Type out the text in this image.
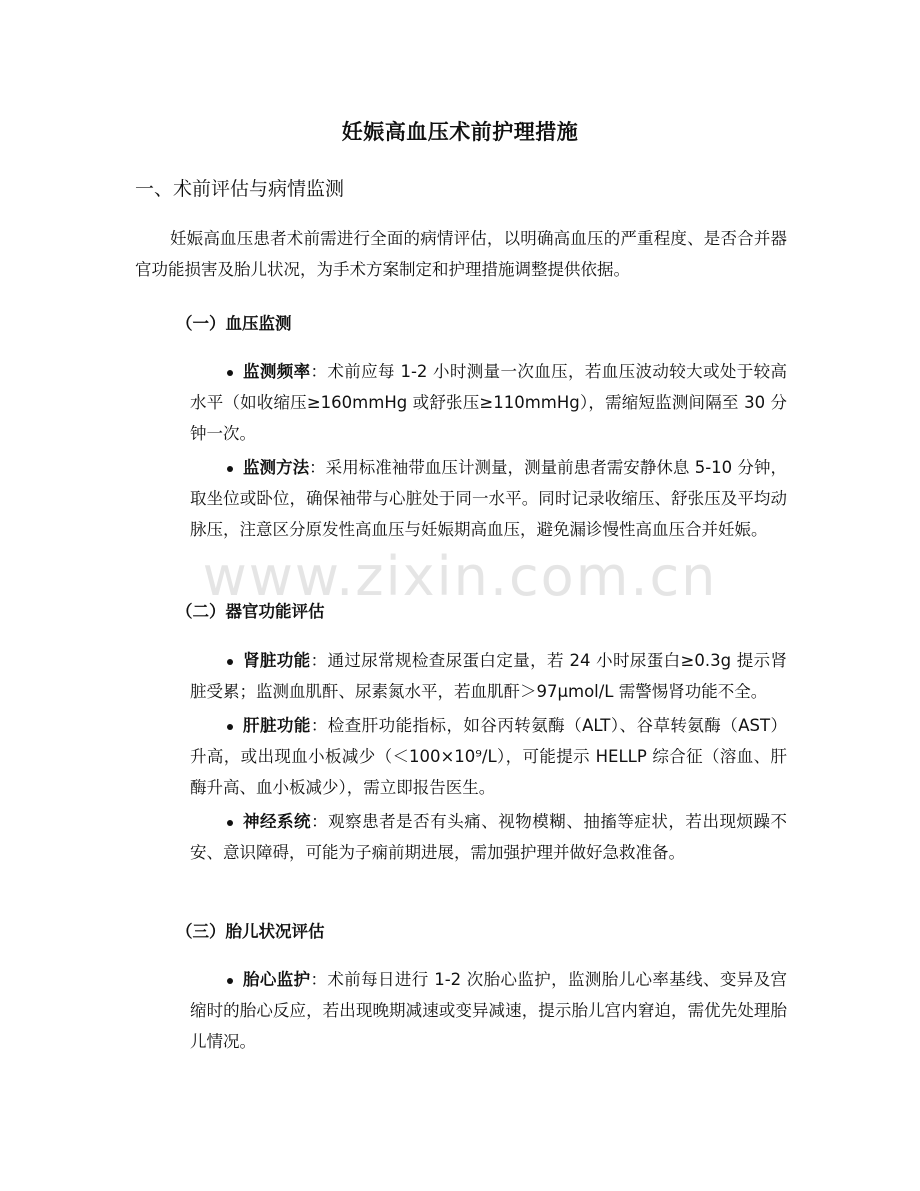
www.zixin.com.cn
妊娠高血压术前护理措施
一、术前评估与病情监测
妊娠高血压患者术前需进行全面的病情评估，以明确高血压的严重程度、是否合并器官功能损害及胎儿状况，为手术方案制定和护理措施调整提供依据。
（一）血压监测
监测频率：术前应每 1-2 小时测量一次血压，若血压波动较大或处于较高水平（如收缩压≥160mmHg 或舒张压≥110mmHg），需缩短监测间隔至 30 分钟一次。
监测方法：采用标准袖带血压计测量，测量前患者需安静休息 5-10 分钟，取坐位或卧位，确保袖带与心脏处于同一水平。同时记录收缩压、舒张压及平均动脉压，注意区分原发性高血压与妊娠期高血压，避免漏诊慢性高血压合并妊娠。
（二）器官功能评估
肾脏功能：通过尿常规检查尿蛋白定量，若 24 小时尿蛋白≥0.3g 提示肾脏受累；监测血肌酐、尿素氮水平，若血肌酐＞97μmol/L 需警惕肾功能不全。
肝脏功能：检查肝功能指标，如谷丙转氨酶（ALT）、谷草转氨酶（AST）升高，或出现血小板减少（＜100×10⁹/L），可能提示 HELLP 综合征（溶血、肝酶升高、血小板减少），需立即报告医生。
神经系统：观察患者是否有头痛、视物模糊、抽搐等症状，若出现烦躁不安、意识障碍，可能为子痫前期进展，需加强护理并做好急救准备。
（三）胎儿状况评估
胎心监护：术前每日进行 1-2 次胎心监护，监测胎儿心率基线、变异及宫缩时的胎心反应，若出现晚期减速或变异减速，提示胎儿宫内窘迫，需优先处理胎儿情况。
